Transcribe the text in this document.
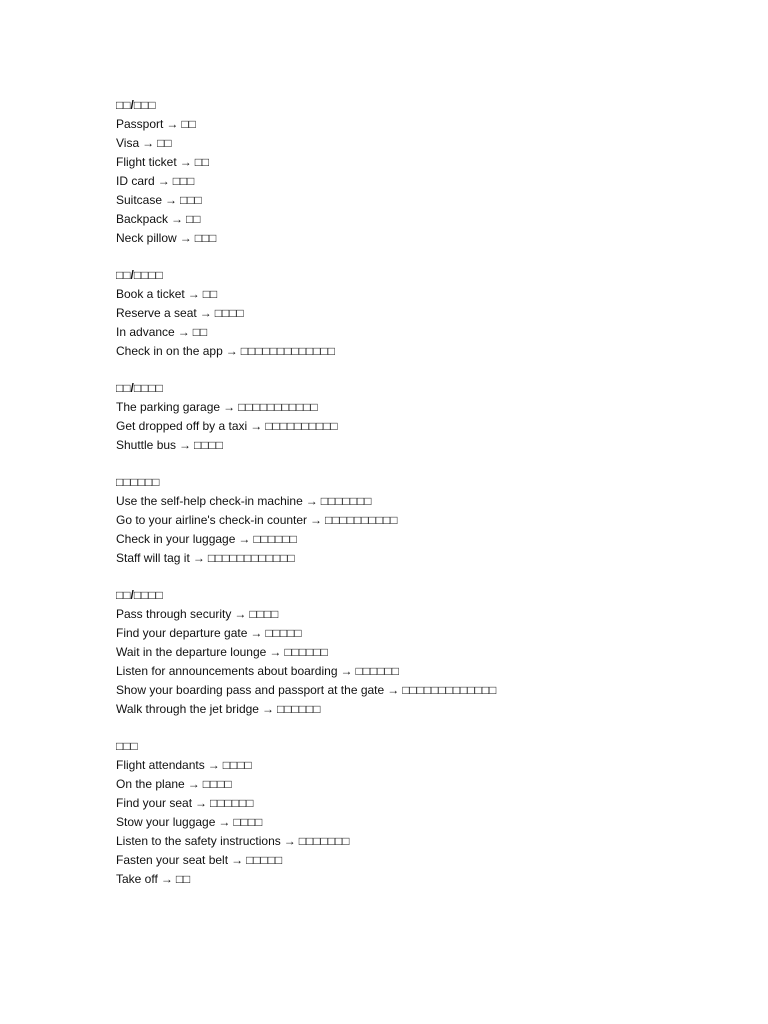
□□/□□□
Passport → □□
Visa → □□
Flight ticket → □□
ID card → □□□
Suitcase → □□□
Backpack → □□
Neck pillow → □□□
□□/□□□□
Book a ticket → □□
Reserve a seat → □□□□
In advance → □□
Check in on the app → □□□□□□□□□□□□□
□□/□□□□
The parking garage → □□□□□□□□□□□
Get dropped off by a taxi → □□□□□□□□□□
Shuttle bus → □□□□
□□□□□□
Use the self-help check-in machine → □□□□□□□
Go to your airline's check-in counter → □□□□□□□□□□
Check in your luggage → □□□□□□
Staff will tag it → □□□□□□□□□□□□
□□/□□□□
Pass through security → □□□□
Find your departure gate → □□□□□
Wait in the departure lounge → □□□□□□
Listen for announcements about boarding → □□□□□□
Show your boarding pass and passport at the gate → □□□□□□□□□□□□□
Walk through the jet bridge → □□□□□□
□□□
Flight attendants → □□□□
On the plane → □□□□
Find your seat → □□□□□□
Stow your luggage → □□□□
Listen to the safety instructions → □□□□□□□
Fasten your seat belt → □□□□□
Take off → □□
